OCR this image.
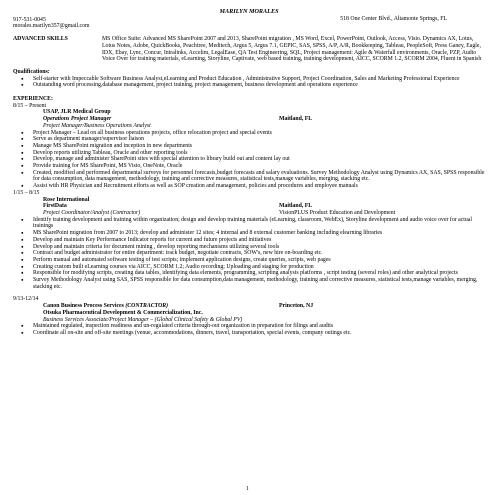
MARILYN MORALES
917-531-0045
morales.marilyn357@gmail.com
518 One Center Blvd., Altamonte Springs, FL
ADVANCED SKILLS	MS Office Suite: Advanced MS SharePoint 2007 and 2013, SharePoint migration , MS Word, Excel, PowerPoint, Outlook, Access, Visio. Dynamics AX, Lotus, Lotus Notes, Adobe, QuickBooks, Peachtree, Meditech, Argus 5, Argus 7.1, GEPIC, SAS, SPSS, A/P, A/R, Bookkeeping, Tableau, PeopleSoft, Press Ganey, Eagle, IDX, Ebay, Lync, Concur, Intralinks, Accelim, LegalEase, QA Test Engineering, SQL, Project management: Agile & Waterfall environments, Oracle, PZP, Audio Voice Over for training materials, eLearning, Storyline, Captivate, web based training, training development, AICC, SCORM 1.2, SCORM 2004, Fluent in Spanish
Qualifications:
● Self-starter with Impeccable Software Business Analyst,eLearning and Product Education , Administrative Support, Project Coordination, Sales and Marketing Professional Experience
● Outstanding word processing,database management, project training, project management, business development and operations experience
EXPERIENCE:
8/15 – Present
USAP, JLR Medical Group
Operations Project Manager	Maitland, FL
Project Manager/Business Operations Analyst
● Project Manager – Lead on all business operations projects, office relocation project and special events
● Serve as department manager/supervisor liaison
● Manage MS SharePoint migration and inception in new departments
● Develop reports utilizing Tableau, Oracle and other reporting tools
● Develop, manage and administer SharePoint sites with special attention to library build out and content lay out
● Provide training for MS SharePoint, MS Visio, OneNote, Oracle
● Created, modified and performed departmental surveys for personnel forecasts,budget forecasts and salary evaluations. Survey Methodology Analyst using Dynamics AX, SAS, SPSS responsible for data consumption, data management, methodology, training and corrective measures, statistical tests,manage variables, merging, stacking etc.
● Assist with HR Physician and Recruitment efforts as well as SOP creation and management, policies and procedures and employee manuals
1/15 – 8/15
Rose International
FirstData	Maitland, FL
Project Coordinator/Analyst (Contractor)	VisionPLUS Product Education and Development
● Identify training development and training within organization; design and develop training materials (eLearning, classroom, WebEx), Storyline development and audio voice over for actual trainings
● MS SharePoint migration from 2007 to 2013; develop and administer 12 sites; 4 internal and 8 external customer banking including elearning libraries
● Develop and maintain Key Performance Indicator reports for current and future projects and initiatives
● Develop and maintain criteria for document mining , develop reporting mechanisms utilizing several tools
● Contract and budget administrator for entire department: track budget, negotiate contracts, SOW's, new hire on-boarding etc.
● Perform manual and automated software testing of test scripts; implement application designs, create queries, scripts, web pages
● Creating custom built eLearning courses via AICC, SCORM 1.2; Audio recording; Uploading and staging for production
● Responsible for modifying scripts, creating data tables, identifying data elements, programming, scripting analysis platforms , script testing (several roles) and other analytical projects
● Survey Methodology Analyst using SAS, SPSS responsible for data consumption,data management, methodology, training and corrective measures, statistical tests,manage variables, merging, stacking etc.
9/13-12/14
Canon Business Process Services (CONTRACTOR)	Princeton, NJ
Otsuka Pharmaceutical Development & Commercialization, Inc.
Business Services Associate/Project Manager – (Global Clinical Safety & Global PV)
● Maintained regulated, inspection readiness and un-regulated criteria through-out organization in preparation for filings and audits
● Coordinate all on-site and off-site meetings (venue, accommodations, dinners, travel, transportation, special events, company outings etc.
1
